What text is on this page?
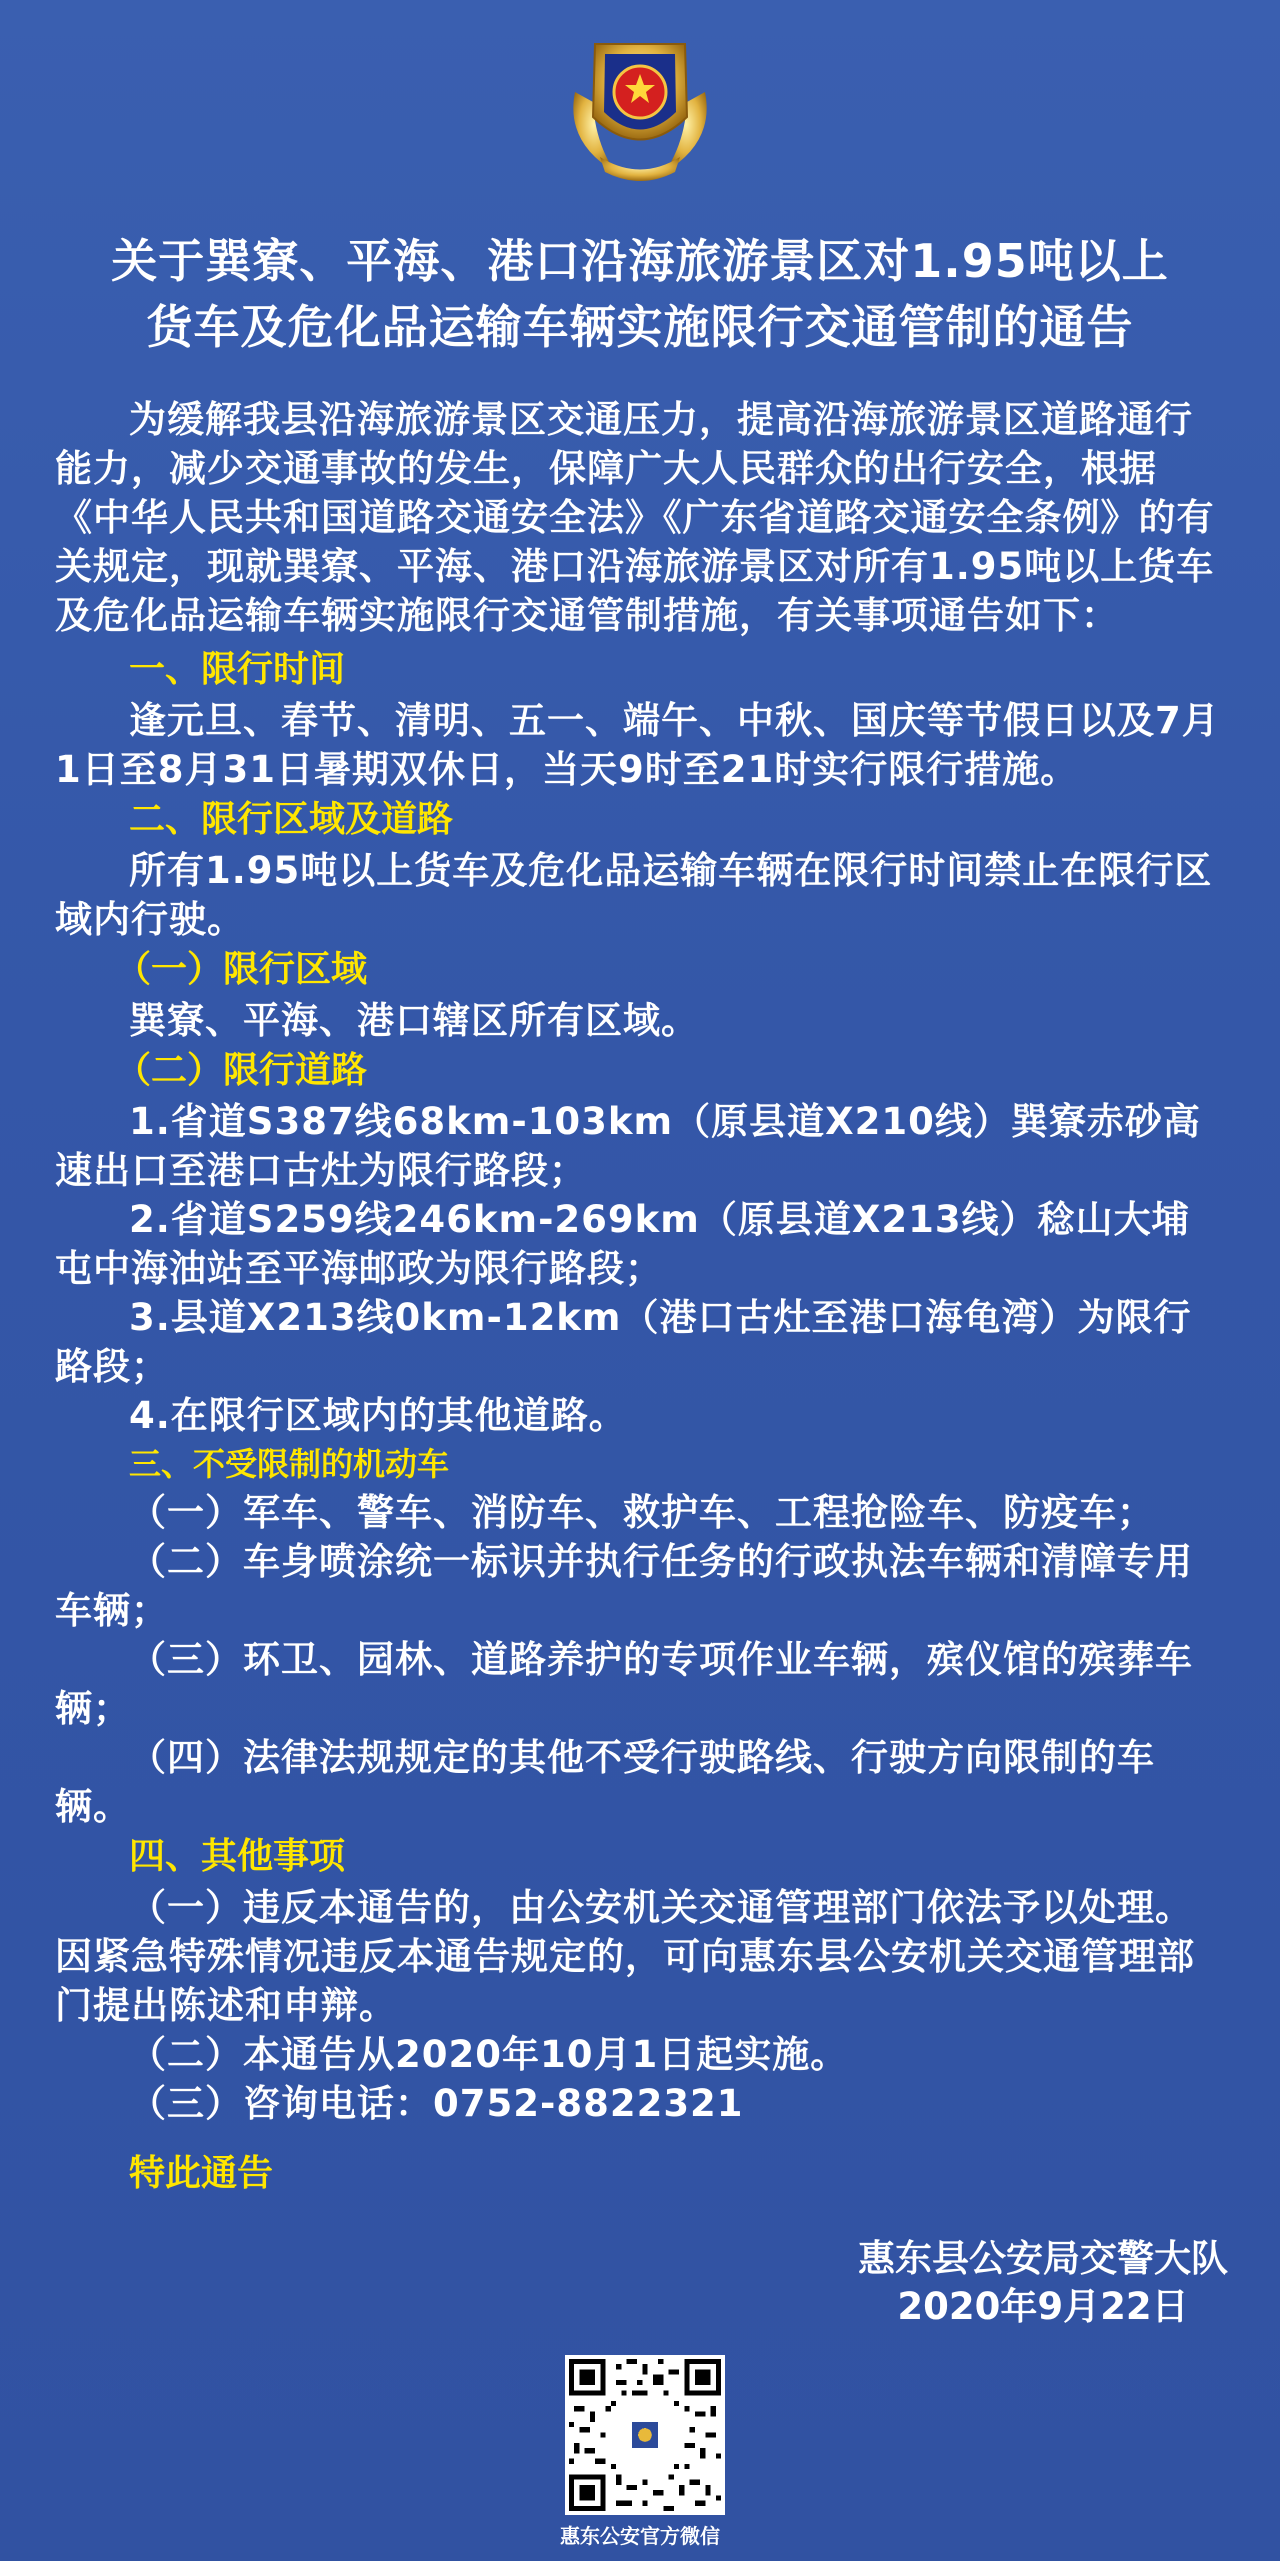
关于巽寮、平海、港口沿海旅游景区对1.95吨以上
货车及危化品运输车辆实施限行交通管制的通告

为缓解我县沿海旅游景区交通压力，提高沿海旅游景区道路通行能力，减少交通事故的发生，保障广大人民群众的出行安全，根据《中华人民共和国道路交通安全法》《广东省道路交通安全条例》的有关规定，现就巽寮、平海、港口沿海旅游景区对所有1.95吨以上货车及危化品运输车辆实施限行交通管制措施，有关事项通告如下：

一、限行时间

逢元旦、春节、清明、五一、端午、中秋、国庆等节假日以及7月1日至8月31日暑期双休日，当天9时至21时实行限行措施。

二、限行区域及道路

所有1.95吨以上货车及危化品运输车辆在限行时间禁止在限行区域内行驶。

（一）限行区域

巽寮、平海、港口辖区所有区域。

（二）限行道路

1.省道S387线68km-103km（原县道X210线）巽寮赤砂高速出口至港口古灶为限行路段；

2.省道S259线246km-269km（原县道X213线）稔山大埔屯中海油站至平海邮政为限行路段；

3.县道X213线0km-12km（港口古灶至港口海龟湾）为限行路段；

4.在限行区域内的其他道路。

三、不受限制的机动车

（一）军车、警车、消防车、救护车、工程抢险车、防疫车；

（二）车身喷涂统一标识并执行任务的行政执法车辆和清障专用车辆；

（三）环卫、园林、道路养护的专项作业车辆，殡仪馆的殡葬车辆；

（四）法律法规规定的其他不受行驶路线、行驶方向限制的车辆。

四、其他事项

（一）违反本通告的，由公安机关交通管理部门依法予以处理。因紧急特殊情况违反本通告规定的，可向惠东县公安机关交通管理部门提出陈述和申辩。

（二）本通告从2020年10月1日起实施。

（三）咨询电话：0752-8822321

特此通告

惠东县公安局交警大队
2020年9月22日
惠东公安官方微信
